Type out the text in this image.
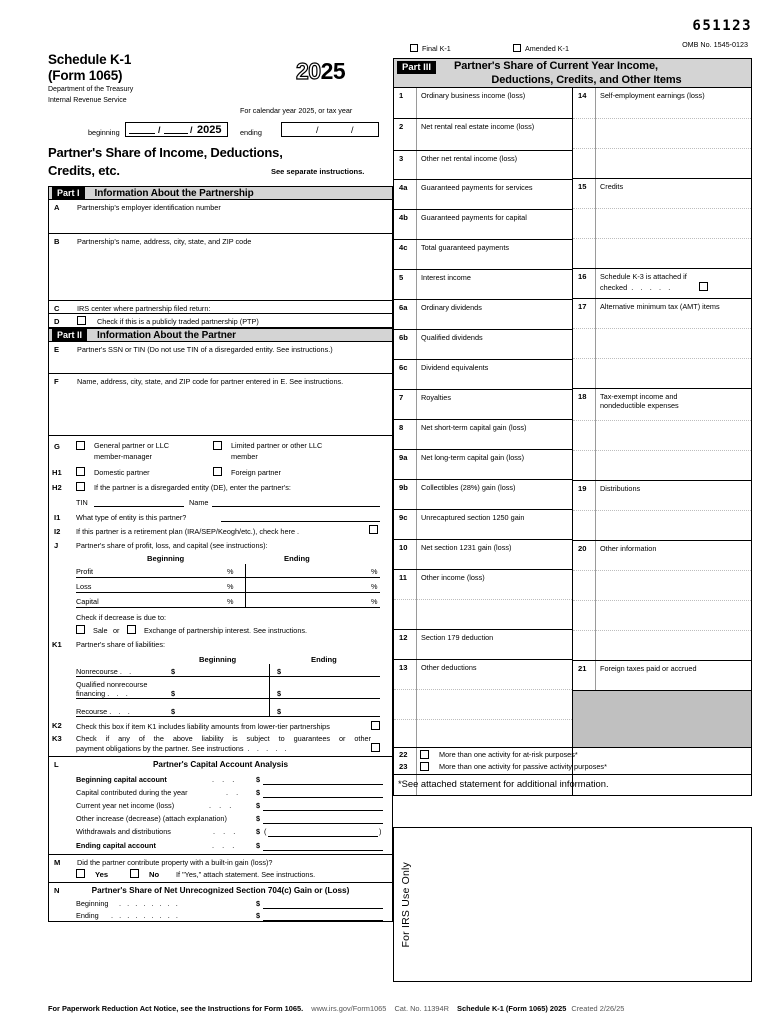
651123
OMB No. 1545-0123
Final K-1	Amended K-1
Schedule K-1
(Form 1065)
Department of the Treasury
Internal Revenue Service
2025
For calendar year 2025, or tax year
beginning	/	/ 2025	ending	/	/
Partner's Share of Income, Deductions,
Credits, etc.	See separate instructions.
Part I	Information About the Partnership
A Partnership's employer identification number
B Partnership's name, address, city, state, and ZIP code
C IRS center where partnership filed return:
D	Check if this is a publicly traded partnership (PTP)
Part II	Information About the Partner
E Partner's SSN or TIN (Do not use TIN of a disregarded entity. See instructions.)
F	Name, address, city, state, and ZIP code for partner entered in E. See instructions.
G	General partner or LLC
member-manager
Limited partner or other LLC
member
H1	Domestic partner	Foreign partner
H2	If the partner is a disregarded entity (DE), enter the partner's:
TIN	Name
I1 What type of entity is this partner?
I2 If this partner is a retirement plan (IRA/SEP/Keogh/etc.), check here .
J Partner's share of profit, loss, and capital (see instructions):
Beginning	Ending
Profit	%	%
Loss	%	%
Capital	%	%
Check if decrease is due to:
Sale or	Exchange of partnership interest. See instructions.
K1 Partner's share of liabilities:
Beginning	Ending
Nonrecourse . .	$	$
Qualified nonrecourse
financing . . .	$	$
Recourse . . .	$	$
K2 Check this box if item K1 includes liability amounts from lower-tier partnerships
K3 Check if any of the above liability is subject to guarantees or other
payment obligations by the partner. See instructions . . . . .
L	Partner's Capital Account Analysis
Beginning capital account	.    .    .	$
Capital contributed during the year	.    . $
Current year net income (loss)	.    .    .	$
Other increase (decrease) (attach explanation)	$
Withdrawals and distributions	.    .    .	$ (	)
Ending capital account	.    .    .	$
M Did the partner contribute property with a built-in gain (loss)?
Yes	No If "Yes," attach statement. See instructions.
N	Partner's Share of Net Unrecognized Section 704(c) Gain or (Loss)
Beginning .   .   .   .   .   .   .   .	$
Ending .   .   .   .   .   .   .   .   .	$
Part III	Partner's Share of Current Year Income,
Deductions, Credits, and Other Items
1 Ordinary business income (loss)
2 Net rental real estate income (loss)
3 Other net rental income (loss)
4a Guaranteed payments for services
4b Guaranteed payments for capital
4c Total guaranteed payments
5 Interest income
6a Ordinary dividends
6b Qualified dividends
6c Dividend equivalents
7 Royalties
8 Net short-term capital gain (loss)
9a Net long-term capital gain (loss)
9b Collectibles (28%) gain (loss)
9c Unrecaptured section 1250 gain
10 Net section 1231 gain (loss)
11 Other income (loss)
12 Section 179 deduction
13 Other deductions
14 Self-employment earnings (loss)
15 Credits
16 Schedule K-3 is attached if
checked . . . . .
17 Alternative minimum tax (AMT) items
18 Tax-exempt income and
nondeductible expenses
19 Distributions
20 Other information
21 Foreign taxes paid or accrued
22	More than one activity for at-risk purposes*
23	More than one activity for passive activity purposes*
*See attached statement for additional information.
For IRS Use Only
For Paperwork Reduction Act Notice, see the Instructions for Form 1065. www.irs.gov/Form1065 Cat. No. 11394R Schedule K-1 (Form 1065) 2025 Created 2/26/25
